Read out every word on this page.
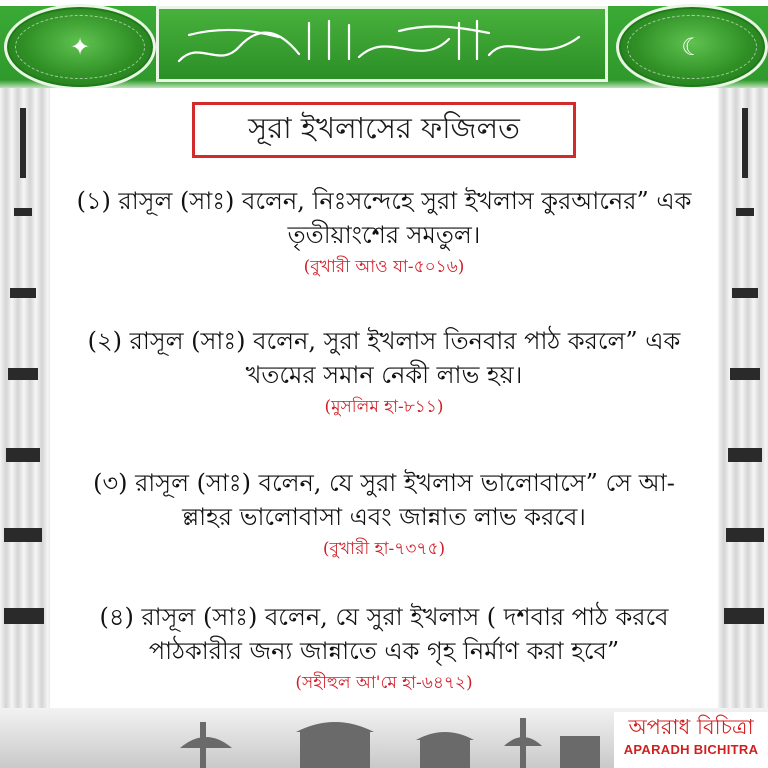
✦	☾
সূরা ইখলাসের ফজিলত
(১) রাসূল (সাঃ) বলেন, নিঃসন্দেহে সুরা ইখলাস কুরআনের” এক
তৃতীয়াংশের সমতুল।
(বুখারী আও যা-৫০১৬)
(২) রাসূল (সাঃ) বলেন, সুরা ইখলাস তিনবার পাঠ করলে” এক
খতমের সমান নেকী লাভ হয়।
(মুসলিম হা-৮১১)
(৩) রাসূল (সাঃ) বলেন, যে সুরা ইখলাস ভালোবাসে” সে আ-
ল্লাহর ভালোবাসা এবং জান্নাত লাভ করবে।
(বুখারী হা-৭৩৭৫)
(৪) রাসূল (সাঃ) বলেন, যে সুরা ইখলাস ( দশবার পাঠ করবে
পাঠকারীর জন্য জান্নাতে এক গৃহ নির্মাণ করা হবে”
(সহীহুল আ'মে হা-৬৪৭২)
অপরাধ বিচিত্রা
APARADH BICHITRA
